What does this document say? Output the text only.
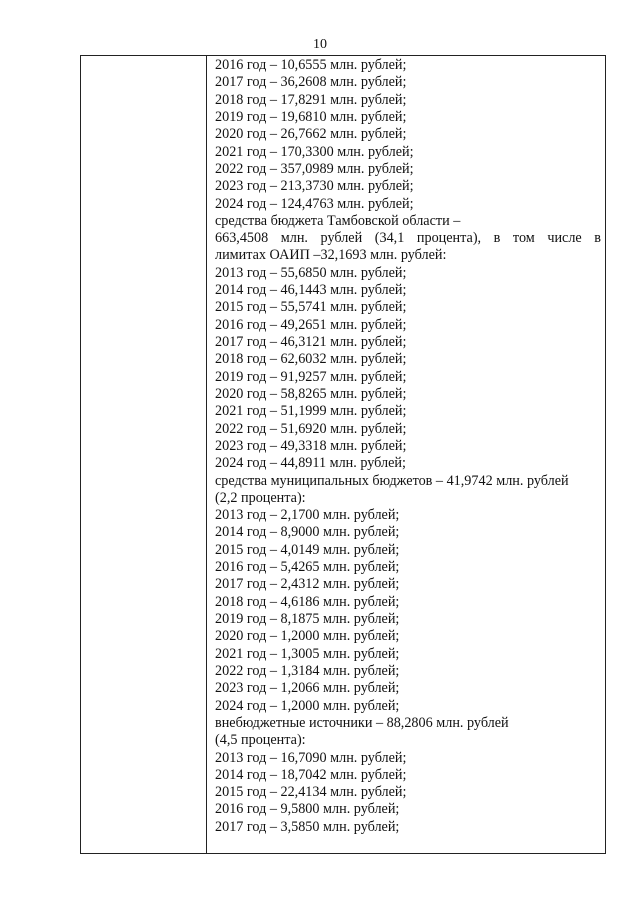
10
2016 год – 10,6555 млн. рублей;
2017 год – 36,2608 млн. рублей;
2018 год – 17,8291 млн. рублей;
2019 год – 19,6810 млн. рублей;
2020 год – 26,7662 млн. рублей;
2021 год – 170,3300 млн. рублей;
2022 год – 357,0989 млн. рублей;
2023 год – 213,3730 млн. рублей;
2024 год – 124,4763 млн. рублей;
средства бюджета Тамбовской области –
663,4508 млн. рублей (34,1 процента), в том числе в
лимитах ОАИП –32,1693 млн. рублей:
2013 год – 55,6850 млн. рублей;
2014 год – 46,1443 млн. рублей;
2015 год – 55,5741 млн. рублей;
2016 год – 49,2651 млн. рублей;
2017 год – 46,3121 млн. рублей;
2018 год – 62,6032 млн. рублей;
2019 год – 91,9257 млн. рублей;
2020 год – 58,8265 млн. рублей;
2021 год – 51,1999 млн. рублей;
2022 год – 51,6920 млн. рублей;
2023 год – 49,3318 млн. рублей;
2024 год – 44,8911 млн. рублей;
средства муниципальных бюджетов – 41,9742 млн. рублей
(2,2 процента):
2013 год – 2,1700 млн. рублей;
2014 год – 8,9000 млн. рублей;
2015 год – 4,0149 млн. рублей;
2016 год – 5,4265 млн. рублей;
2017 год – 2,4312 млн. рублей;
2018 год – 4,6186 млн. рублей;
2019 год – 8,1875 млн. рублей;
2020 год – 1,2000 млн. рублей;
2021 год – 1,3005 млн. рублей;
2022 год – 1,3184 млн. рублей;
2023 год – 1,2066 млн. рублей;
2024 год – 1,2000 млн. рублей;
внебюджетные источники – 88,2806 млн. рублей
(4,5 процента):
2013 год – 16,7090 млн. рублей;
2014 год – 18,7042 млн. рублей;
2015 год – 22,4134 млн. рублей;
2016 год – 9,5800 млн. рублей;
2017 год – 3,5850 млн. рублей;
